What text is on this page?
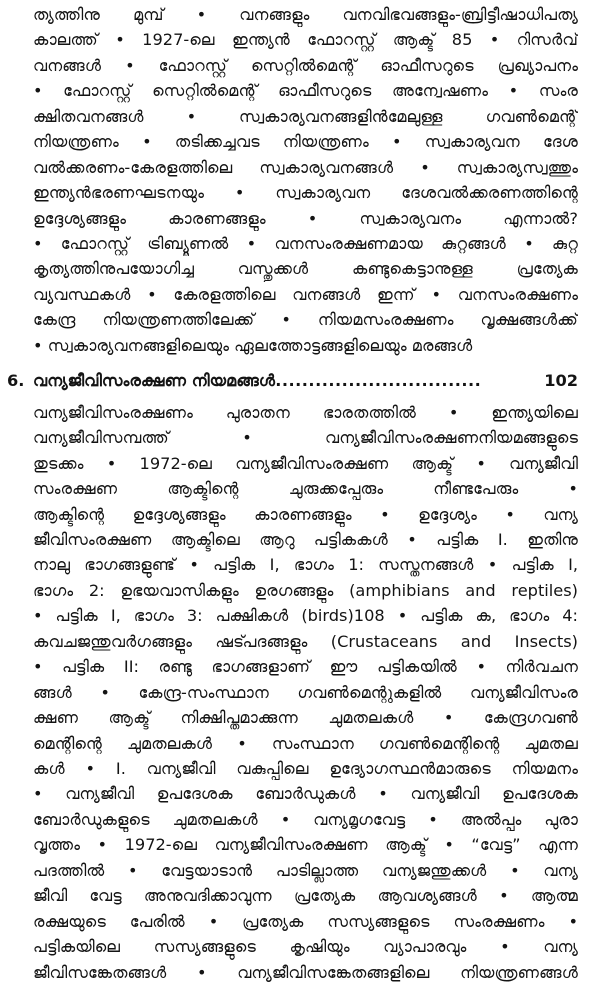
ത്യത്തിനു മുമ്പ് • വനങ്ങളും വനവിഭവങ്ങളും-ബ്രിട്ടീഷാധിപത്യ
കാലത്ത് • 1927-ലെ ഇന്ത്യൻ ഫോറസ്റ്റ് ആക്ട് 85 • റിസർവ്
വനങ്ങൾ • ഫോറസ്റ്റ് സെറ്റിൽമെന്റ് ഓഫീസറുടെ പ്രഖ്യാപനം
• ഫോറസ്റ്റ് സെറ്റിൽമെന്റ് ഓഫീസറുടെ അന്വേഷണം • സംര
ക്ഷിതവനങ്ങൾ • സ്വകാര്യവനങ്ങളിൻമേലുള്ള ഗവൺമെന്റ്
നിയന്ത്രണം • തടിക്കച്ചവട നിയന്ത്രണം • സ്വകാര്യവന ദേശ
വൽക്കരണം-കേരളത്തിലെ സ്വകാര്യവനങ്ങൾ • സ്വകാര്യസ്വത്തും
ഇന്ത്യൻഭരണഘടനയും • സ്വകാര്യവന ദേശവൽക്കരണത്തിന്റെ
ഉദ്ദേശ്യങ്ങളും കാരണങ്ങളും • സ്വകാര്യവനം എന്നാൽ?
• ഫോറസ്റ്റ് ട്രിബ്യൂണൽ • വനസംരക്ഷണമായ കുറ്റങ്ങൾ • കുറ്റ
കൃത്യത്തിനുപയോഗിച്ച വസ്തുക്കൾ കണ്ടുകെട്ടാനുള്ള പ്രത്യേക
വ്യവസ്ഥകൾ • കേരളത്തിലെ വനങ്ങൾ ഇന്ന് • വനസംരക്ഷണം
കേന്ദ്ര നിയന്ത്രണത്തിലേക്ക് • നിയമസംരക്ഷണം വൃക്ഷങ്ങൾക്ക്
• സ്വകാര്യവനങ്ങളിലെയും ഏലത്തോട്ടങ്ങളിലെയും മരങ്ങൾ
6. വന്യജീവിസംരക്ഷണ നിയമങ്ങൾ ...............................	102
വന്യജീവിസംരക്ഷണം പുരാതന ഭാരതത്തിൽ • ഇന്ത്യയിലെ
വന്യജീവിസമ്പത്ത് • വന്യജീവിസംരക്ഷണനിയമങ്ങളുടെ
തുടക്കം • 1972-ലെ വന്യജീവിസംരക്ഷണ ആക്ട് • വന്യജീവി
സംരക്ഷണ ആക്ടിന്റെ ചുരുക്കപ്പേരും നീണ്ടപേരും •
ആക്ടിന്റെ ഉദ്ദേശ്യങ്ങളും കാരണങ്ങളും • ഉദ്ദേശ്യം • വന്യ
ജീവിസംരക്ഷണ ആക്ടിലെ ആറു പട്ടികകൾ • പട്ടിക I. ഇതിനു
നാലു ഭാഗങ്ങളുണ്ട് • പട്ടിക I, ഭാഗം 1: സസ്തനങ്ങൾ • പട്ടിക I,
ഭാഗം 2: ഉഭയവാസികളും ഉരഗങ്ങളും (amphibians and reptiles)
• പട്ടിക I, ഭാഗം 3: പക്ഷികൾ (birds)108 • പട്ടിക ക, ഭാഗം 4:
കവചജന്തുവർഗങ്ങളും ഷട്പദങ്ങളും (Crustaceans and Insects)
• പട്ടിക II: രണ്ടു ഭാഗങ്ങളാണ് ഈ പട്ടികയിൽ • നിർവചന
ങ്ങൾ • കേന്ദ്ര-സംസ്ഥാന ഗവൺമെന്റുകളിൽ വന്യജീവിസംര
ക്ഷണ ആക്ട് നിക്ഷിപ്തമാക്കുന്ന ചുമതലകൾ • കേന്ദ്രഗവൺ
മെന്റിന്റെ ചുമതലകൾ • സംസ്ഥാന ഗവൺമെന്റിന്റെ ചുമതല
കൾ • I. വന്യജീവി വകുപ്പിലെ ഉദ്യോഗസ്ഥൻമാരുടെ നിയമനം
• വന്യജീവി ഉപദേശക ബോർഡുകൾ • വന്യജീവി ഉപദേശക
ബോർഡുകളുടെ ചുമതലകൾ • വന്യമൃഗവേട്ട • അൽപ്പം പുരാ
വൃത്തം • 1972-ലെ വന്യജീവിസംരക്ഷണ ആക്ട് • “വേട്ട” എന്ന
പദത്തിൽ • വേട്ടയാടാൻ പാടില്ലാത്ത വന്യജന്തുക്കൾ • വന്യ
ജീവി വേട്ട അനുവദിക്കാവുന്ന പ്രത്യേക ആവശ്യങ്ങൾ • ആത്മ
രക്ഷയുടെ പേരിൽ • പ്രത്യേക സസ്യങ്ങളുടെ സംരക്ഷണം •
പട്ടികയിലെ സസ്യങ്ങളുടെ കൃഷിയും വ്യാപാരവും • വന്യ
ജീവിസങ്കേതങ്ങൾ • വന്യജീവിസങ്കേതങ്ങളിലെ നിയന്ത്രണങ്ങൾ
